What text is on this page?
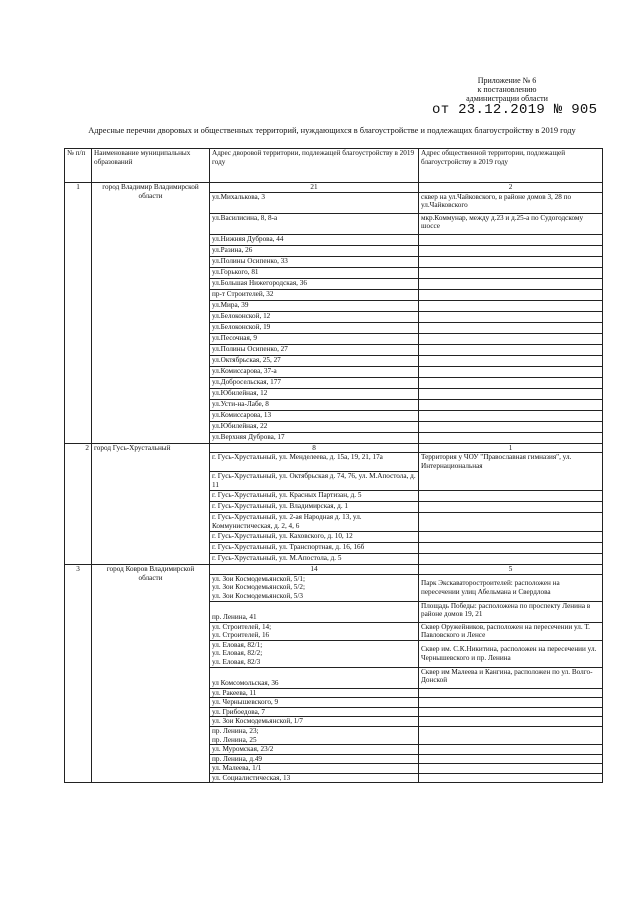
Приложение № 6
к постановлению
администрации области
от 23.12.2019 № 905
Адресные перечни дворовых и общественных территорий, нуждающихся в благоустройстве и подлежащих благоустройству в 2019 году
№ п/п	Наименование муниципальных образований	Адрес дворовой территории, подлежащей благоустройству в 2019 году	Адрес общественной территории, подлежащей благоустройству в 2019 году
1	город Владимир Владимирской области	21	2
		ул.Михалькова, 3	сквер на ул.Чайковского, в районе домов 3, 28 по ул.Чайковского
		ул.Василисина, 8, 8-а	мкр.Коммунар, между д.23 и д.25-а по Судогодскому шоссе
		ул.Нижняя Дуброва, 44	
		ул.Разина, 26	
		ул.Полины Осипенко, 33	
		ул.Горького, 81	
		ул.Большая Нижегородская, 36	
		пр-т Строителей, 32	
		ул.Мира, 39	
		ул.Белоконской, 12	
		ул.Белоконской, 19	
		ул.Песочная, 9	
		ул.Полины Осипенко, 27	
		ул.Октябрьская, 25, 27	
		ул.Комиссарова, 37-а	
		ул.Добросельская, 177	
		ул.Юбилейная, 12	
		ул.Усти-на-Лабе, 8	
		ул.Комиссарова, 13	
		ул.Юбилейная, 22	
		ул.Верхняя Дуброва, 17	
2	город Гусь-Хрустальный	8	1
		г. Гусь-Хрустальный, ул. Менделеева, д. 15а, 19, 21, 17а	Территория у ЧОУ "Православная гимназия", ул. Интернациональная
		г. Гусь-Хрустальный, ул. Октябрьская д. 74, 76, ул. М.Апостола, д. 11	
		г. Гусь-Хрустальный, ул. Красных Партизан, д. 5	
		г. Гусь-Хрустальный, ул. Владимирская, д. 1	
		г. Гусь-Хрустальный, ул. 2-ая Народная д. 13, ул. Коммунистическая, д. 2, 4, 6	
		г. Гусь-Хрустальный, ул. Каховского, д. 10, 12	
		г. Гусь-Хрустальный, ул. Транспортная, д. 16, 16б	
		г. Гусь-Хрустальный, ул. М.Апостола, д. 5	
3	город Ковров Владимирской области	14	5

		ул. Зои Космодемьянской, 5/1;
ул. Зои Космодемьянской, 5/2;
ул. Зои Космодемьянской, 5/3	Парк Экскаваторостроителей: расположен на пересечении улиц Абельмана и Свердлова

		пр. Ленина, 41	Площадь Победы: расположена по проспекту Ленина в районе домов 19, 21

		ул. Строителей, 14;
ул. Строителей, 16	Сквер Оружейников, расположен на пересечении ул. Т. Павловского и Ленсе

		ул. Еловая, 82/1;
ул. Еловая, 82/2;
ул. Еловая, 82/3	Сквер им. С.К.Никитина, расположен на пересечении ул. Чернышевского и пр. Ленина

		ул Комсомольская, 36	Сквер им Малеева и Кангина, расположен по ул. Волго-Донской

		ул. Ракеева, 11	

		ул. Чернышевского, 9	

		ул. Грибоедова, 7	

		ул. Зои Космодемьянской, 1/7	

		пр. Ленина, 23;
пр. Ленина, 25	

		ул. Муромская, 23/2	

		пр. Ленина, д.49	

		ул. Малеева, 1/1	

		ул. Социалистическая, 13	
